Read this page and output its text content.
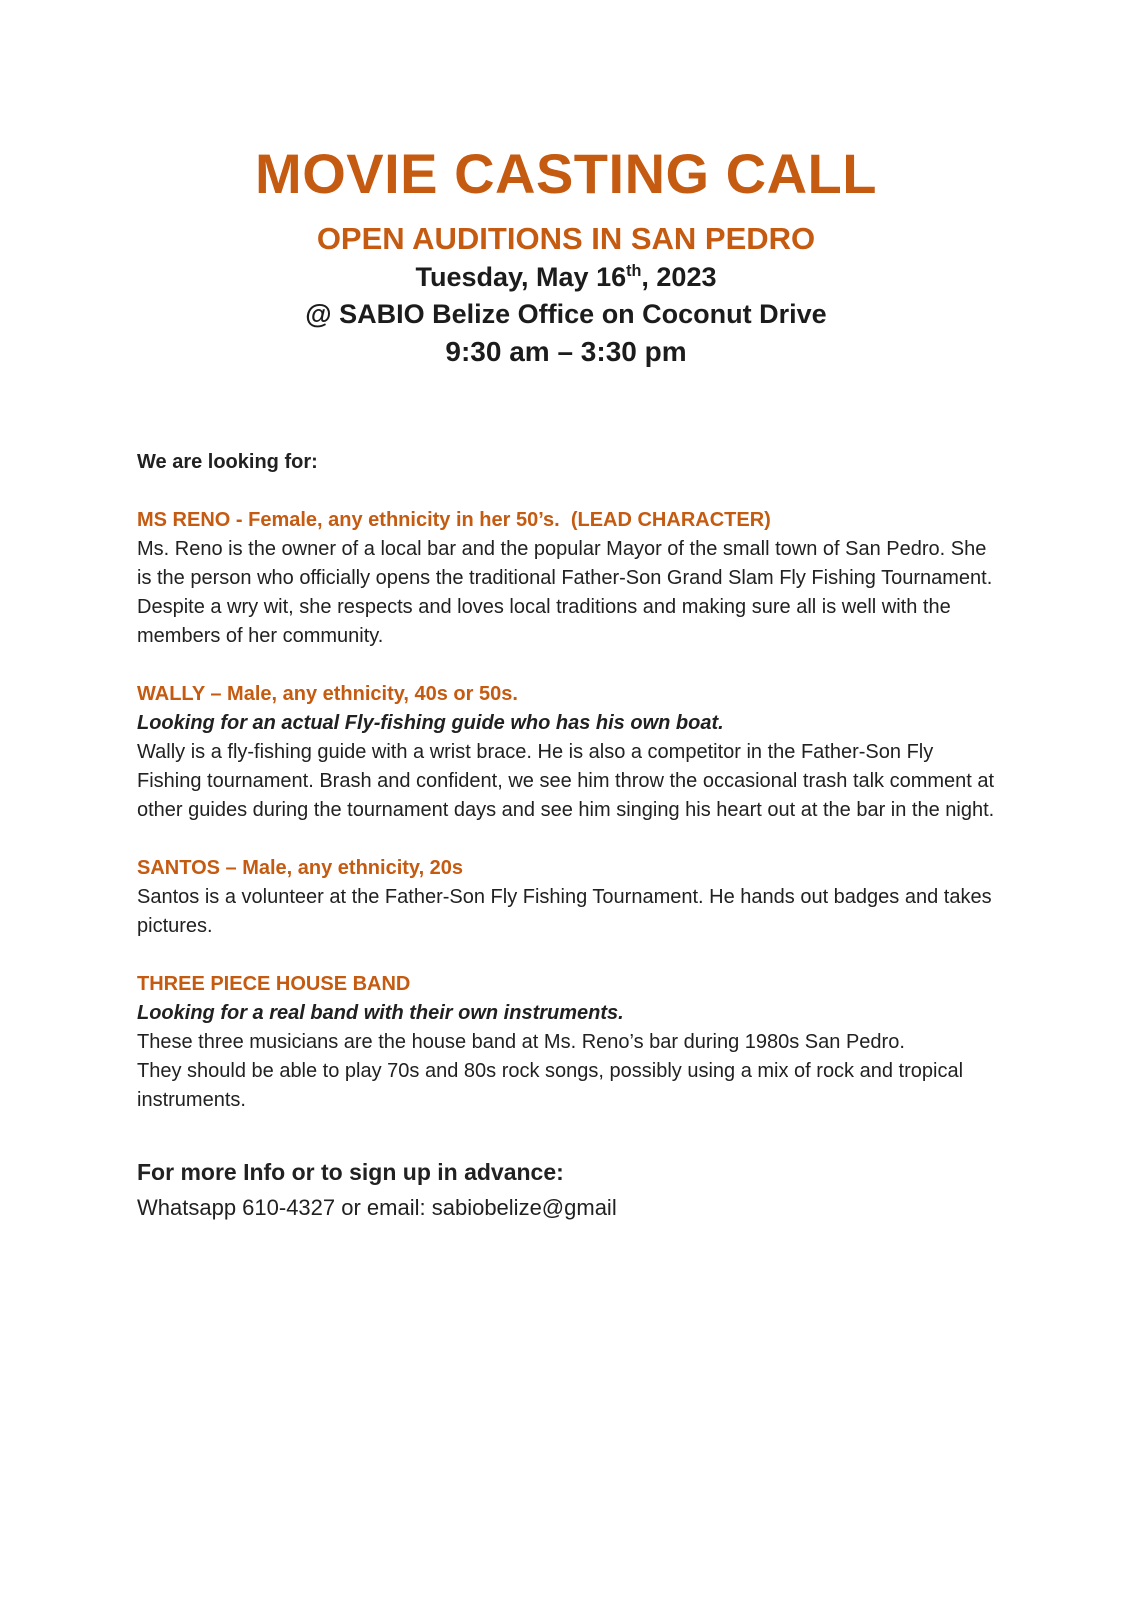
MOVIE CASTING CALL
OPEN AUDITIONS IN SAN PEDRO

Tuesday, May 16th, 2023

@ SABIO Belize Office on Coconut Drive

9:30 am – 3:30 pm

We are looking for:

MS RENO - Female, any ethnicity in her 50’s.  (LEAD CHARACTER)

Ms. Reno is the owner of a local bar and the popular Mayor of the small town of San Pedro. She is the person who officially opens the traditional Father-Son Grand Slam Fly Fishing Tournament. Despite a wry wit, she respects and loves local traditions and making sure all is well with the members of her community.

WALLY – Male, any ethnicity, 40s or 50s.

Looking for an actual Fly-fishing guide who has his own boat.

Wally is a fly-fishing guide with a wrist brace. He is also a competitor in the Father-Son Fly Fishing tournament. Brash and confident, we see him throw the occasional trash talk comment at other guides during the tournament days and see him singing his heart out at the bar in the night.

SANTOS – Male, any ethnicity, 20s

Santos is a volunteer at the Father-Son Fly Fishing Tournament. He hands out badges and takes pictures.

THREE PIECE HOUSE BAND

Looking for a real band with their own instruments.

These three musicians are the house band at Ms. Reno’s bar during 1980s San Pedro.

They should be able to play 70s and 80s rock songs, possibly using a mix of rock and tropical instruments.

For more Info or to sign up in advance:

Whatsapp 610-4327 or email: sabiobelize@gmail
